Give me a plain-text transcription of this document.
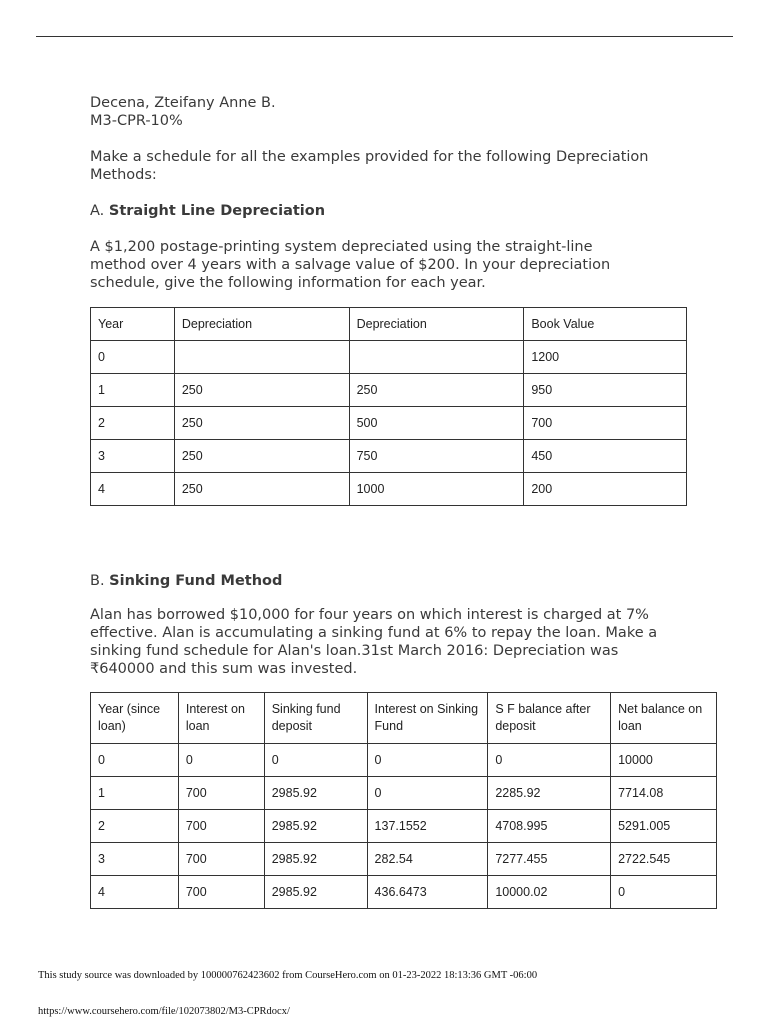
Decena, Zteifany Anne B.

M3-CPR-10%

Make a schedule for all the examples provided for the following Depreciation Methods:

A. Straight Line Depreciation

A $1,200 postage-printing system depreciated using the straight-line method over 4 years with a salvage value of $200. In your depreciation schedule, give the following information for each year.

Year	Depreciation	Depreciation	Book Value
0			1200
1	250	250	950
2	250	500	700
3	250	750	450
4	250	1000	200

B. Sinking Fund Method

Alan has borrowed $10,000 for four years on which interest is charged at 7% effective. Alan is accumulating a sinking fund at 6% to repay the loan. Make a sinking fund schedule for Alan's loan.31st March 2016: Depreciation was ₹640000 and this sum was invested.

Year (since loan)	Interest on loan	Sinking fund deposit	Interest on Sinking Fund	S F balance after deposit	Net balance on loan
0	0	0	0	0	10000
1	700	2985.92	0	2285.92	7714.08
2	700	2985.92	137.1552	4708.995	5291.005
3	700	2985.92	282.54	7277.455	2722.545
4	700	2985.92	436.6473	10000.02	0
This study source was downloaded by 100000762423602 from CourseHero.com on 01-23-2022 18:13:36 GMT -06:00
https://www.coursehero.com/file/102073802/M3-CPRdocx/
